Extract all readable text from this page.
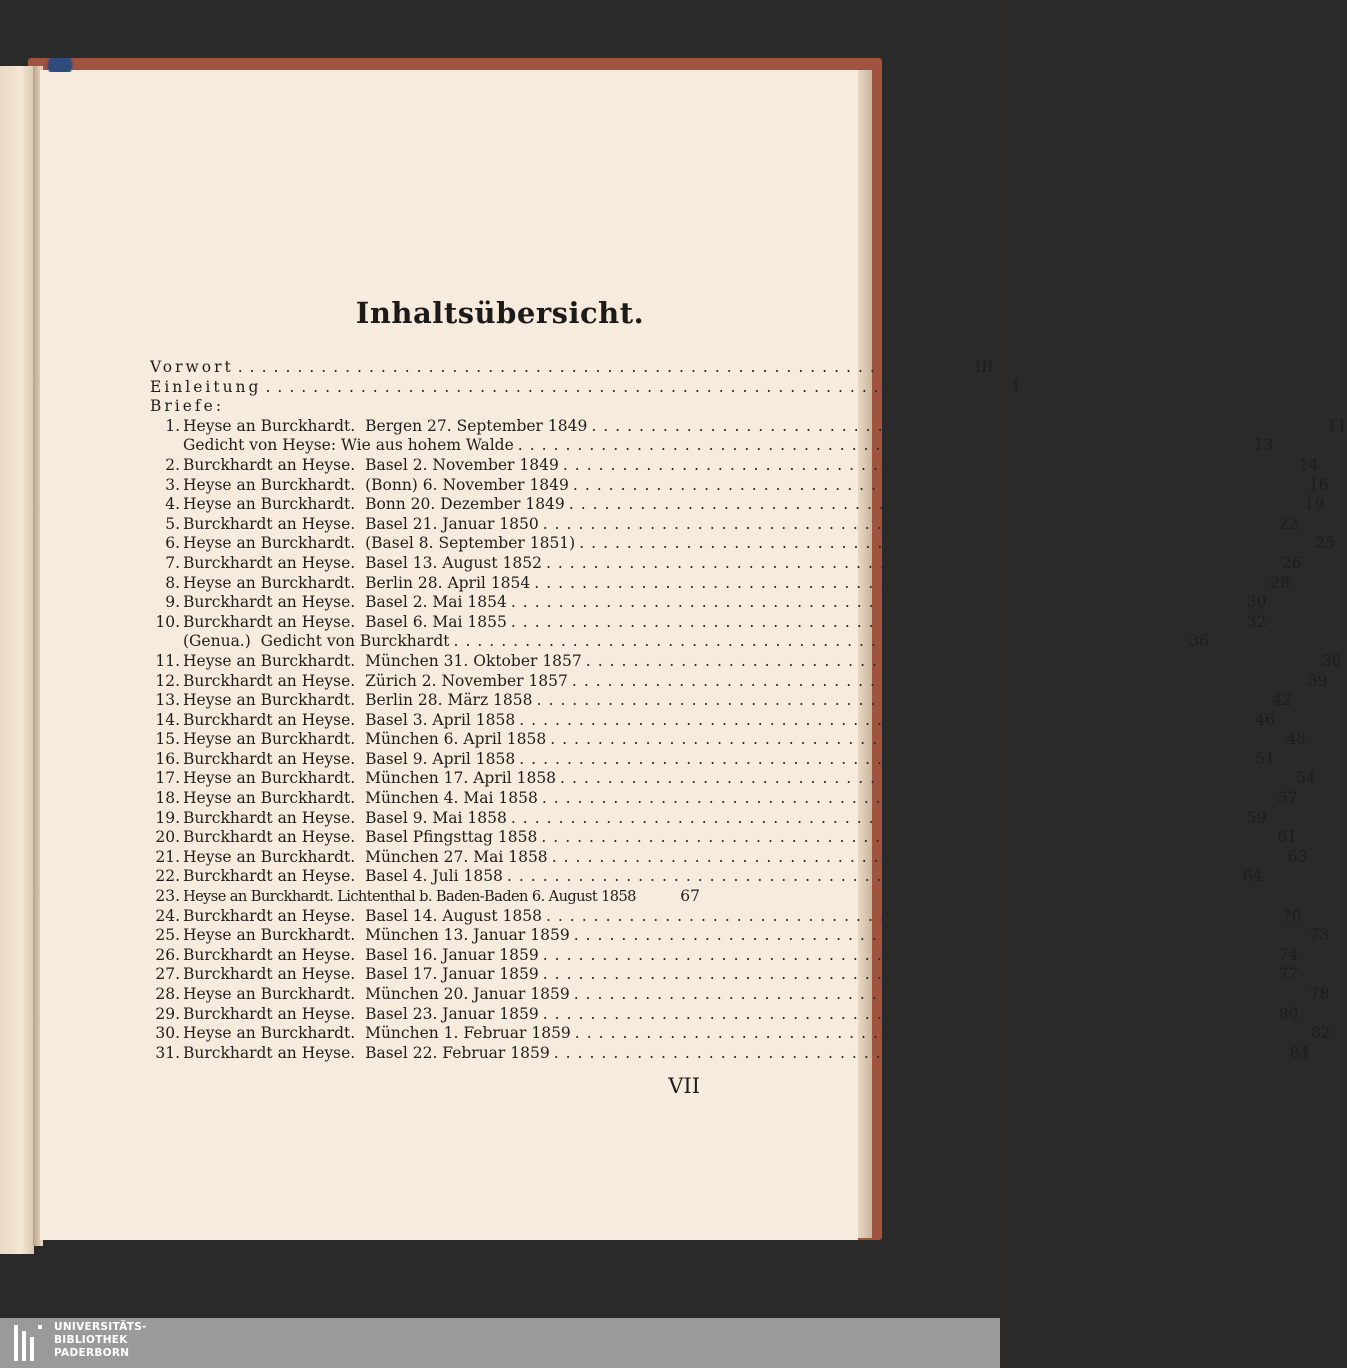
Inhaltsübersicht.
Vorwort ............................................................	III
Einleitung ............................................................	1
Briefe:
1. Heyse an Burckhardt.  Bergen 27. September 1849 ............................................................	11
Gedicht von Heyse: Wie aus hohem Walde ............................................................	13
2. Burckhardt an Heyse.  Basel 2. November 1849 ............................................................	14
3. Heyse an Burckhardt.  (Bonn) 6. November 1849 ............................................................	16
4. Heyse an Burckhardt.  Bonn 20. Dezember 1849 ............................................................	19
5. Burckhardt an Heyse.  Basel 21. Januar 1850 ............................................................	22
6. Heyse an Burckhardt.  (Basel 8. September 1851) ............................................................	25
7. Burckhardt an Heyse.  Basel 13. August 1852 ............................................................	26
8. Heyse an Burckhardt.  Berlin 28. April 1854 ............................................................	28
9. Burckhardt an Heyse.  Basel 2. Mai 1854 ............................................................	30
10. Burckhardt an Heyse.  Basel 6. Mai 1855 ............................................................	32
(Genua.)  Gedicht von Burckhardt ............................................................	36
11. Heyse an Burckhardt.  München 31. Oktober 1857 ............................................................	38
12. Burckhardt an Heyse.  Zürich 2. November 1857 ............................................................	39
13. Heyse an Burckhardt.  Berlin 28. März 1858 ............................................................	42
14. Burckhardt an Heyse.  Basel 3. April 1858 ............................................................	46
15. Heyse an Burckhardt.  München 6. April 1858 ............................................................	48
16. Burckhardt an Heyse.  Basel 9. April 1858 ............................................................	51
17. Heyse an Burckhardt.  München 17. April 1858 ............................................................	54
18. Heyse an Burckhardt.  München 4. Mai 1858 ............................................................	57
19. Burckhardt an Heyse.  Basel 9. Mai 1858 ............................................................	59
20. Burckhardt an Heyse.  Basel Pfingsttag 1858 ............................................................	61
21. Heyse an Burckhardt.  München 27. Mai 1858 ............................................................	63
22. Burckhardt an Heyse.  Basel 4. Juli 1858 ............................................................	64
23. Heyse an Burckhardt. Lichtenthal b. Baden-Baden 6. August 1858	67
24. Burckhardt an Heyse.  Basel 14. August 1858 ............................................................	70
25. Heyse an Burckhardt.  München 13. Januar 1859 ............................................................	73
26. Burckhardt an Heyse.  Basel 16. Januar 1859 ............................................................	74
27. Burckhardt an Heyse.  Basel 17. Januar 1859 ............................................................	77
28. Heyse an Burckhardt.  München 20. Januar 1859 ............................................................	78
29. Burckhardt an Heyse.  Basel 23. Januar 1859 ............................................................	80
30. Heyse an Burckhardt.  München 1. Februar 1859 ............................................................	82
31. Burckhardt an Heyse.  Basel 22. Februar 1859 ............................................................	84
VII
UNIVERSITÄTS-
BIBLIOTHEK
PADERBORN
